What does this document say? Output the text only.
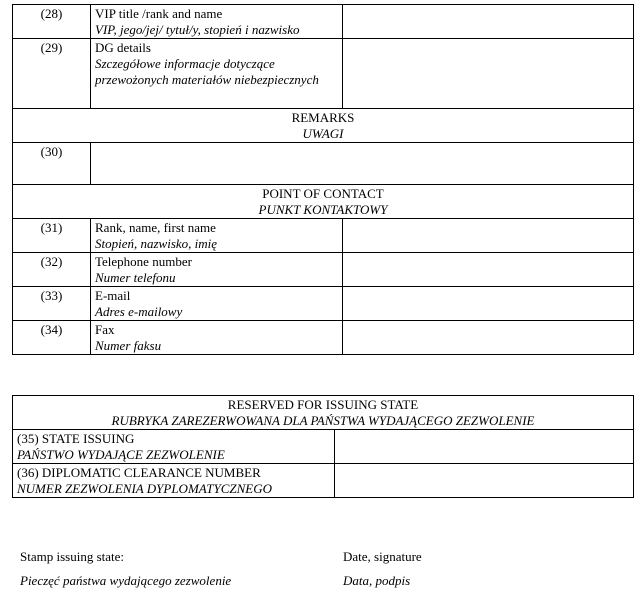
(28)	VIP title /rank and name
VIP, jego/jej/ tytuł/y, stopień i nazwisko	

(29)	DG details
Szczegółowe informacje dotyczące przewożonych materiałów niebezpiecznych	

REMARKS
UWAGI		

(30)		

POINT OF CONTACT
PUNKT KONTAKTOWY		

(31)	Rank, name, first name
Stopień, nazwisko, imię	

(32)	Telephone number
Numer telefonu	

(33)	E-mail
Adres e-mailowy	

(34)	Fax
Numer faksu	

RESERVED FOR ISSUING STATE
RUBRYKA ZAREZERWOWANA DLA PAŃSTWA WYDAJĄCEGO ZEZWOLENIE	

(35) STATE ISSUING
PAŃSTWO WYDAJĄCE ZEZWOLENIE	

(36) DIPLOMATIC CLEARANCE NUMBER
NUMER ZEZWOLENIA DYPLOMATYCZNEGO	

Stamp issuing state:
Pieczęć państwa wydającego zezwolenie
Date, signature
Data, podpis
